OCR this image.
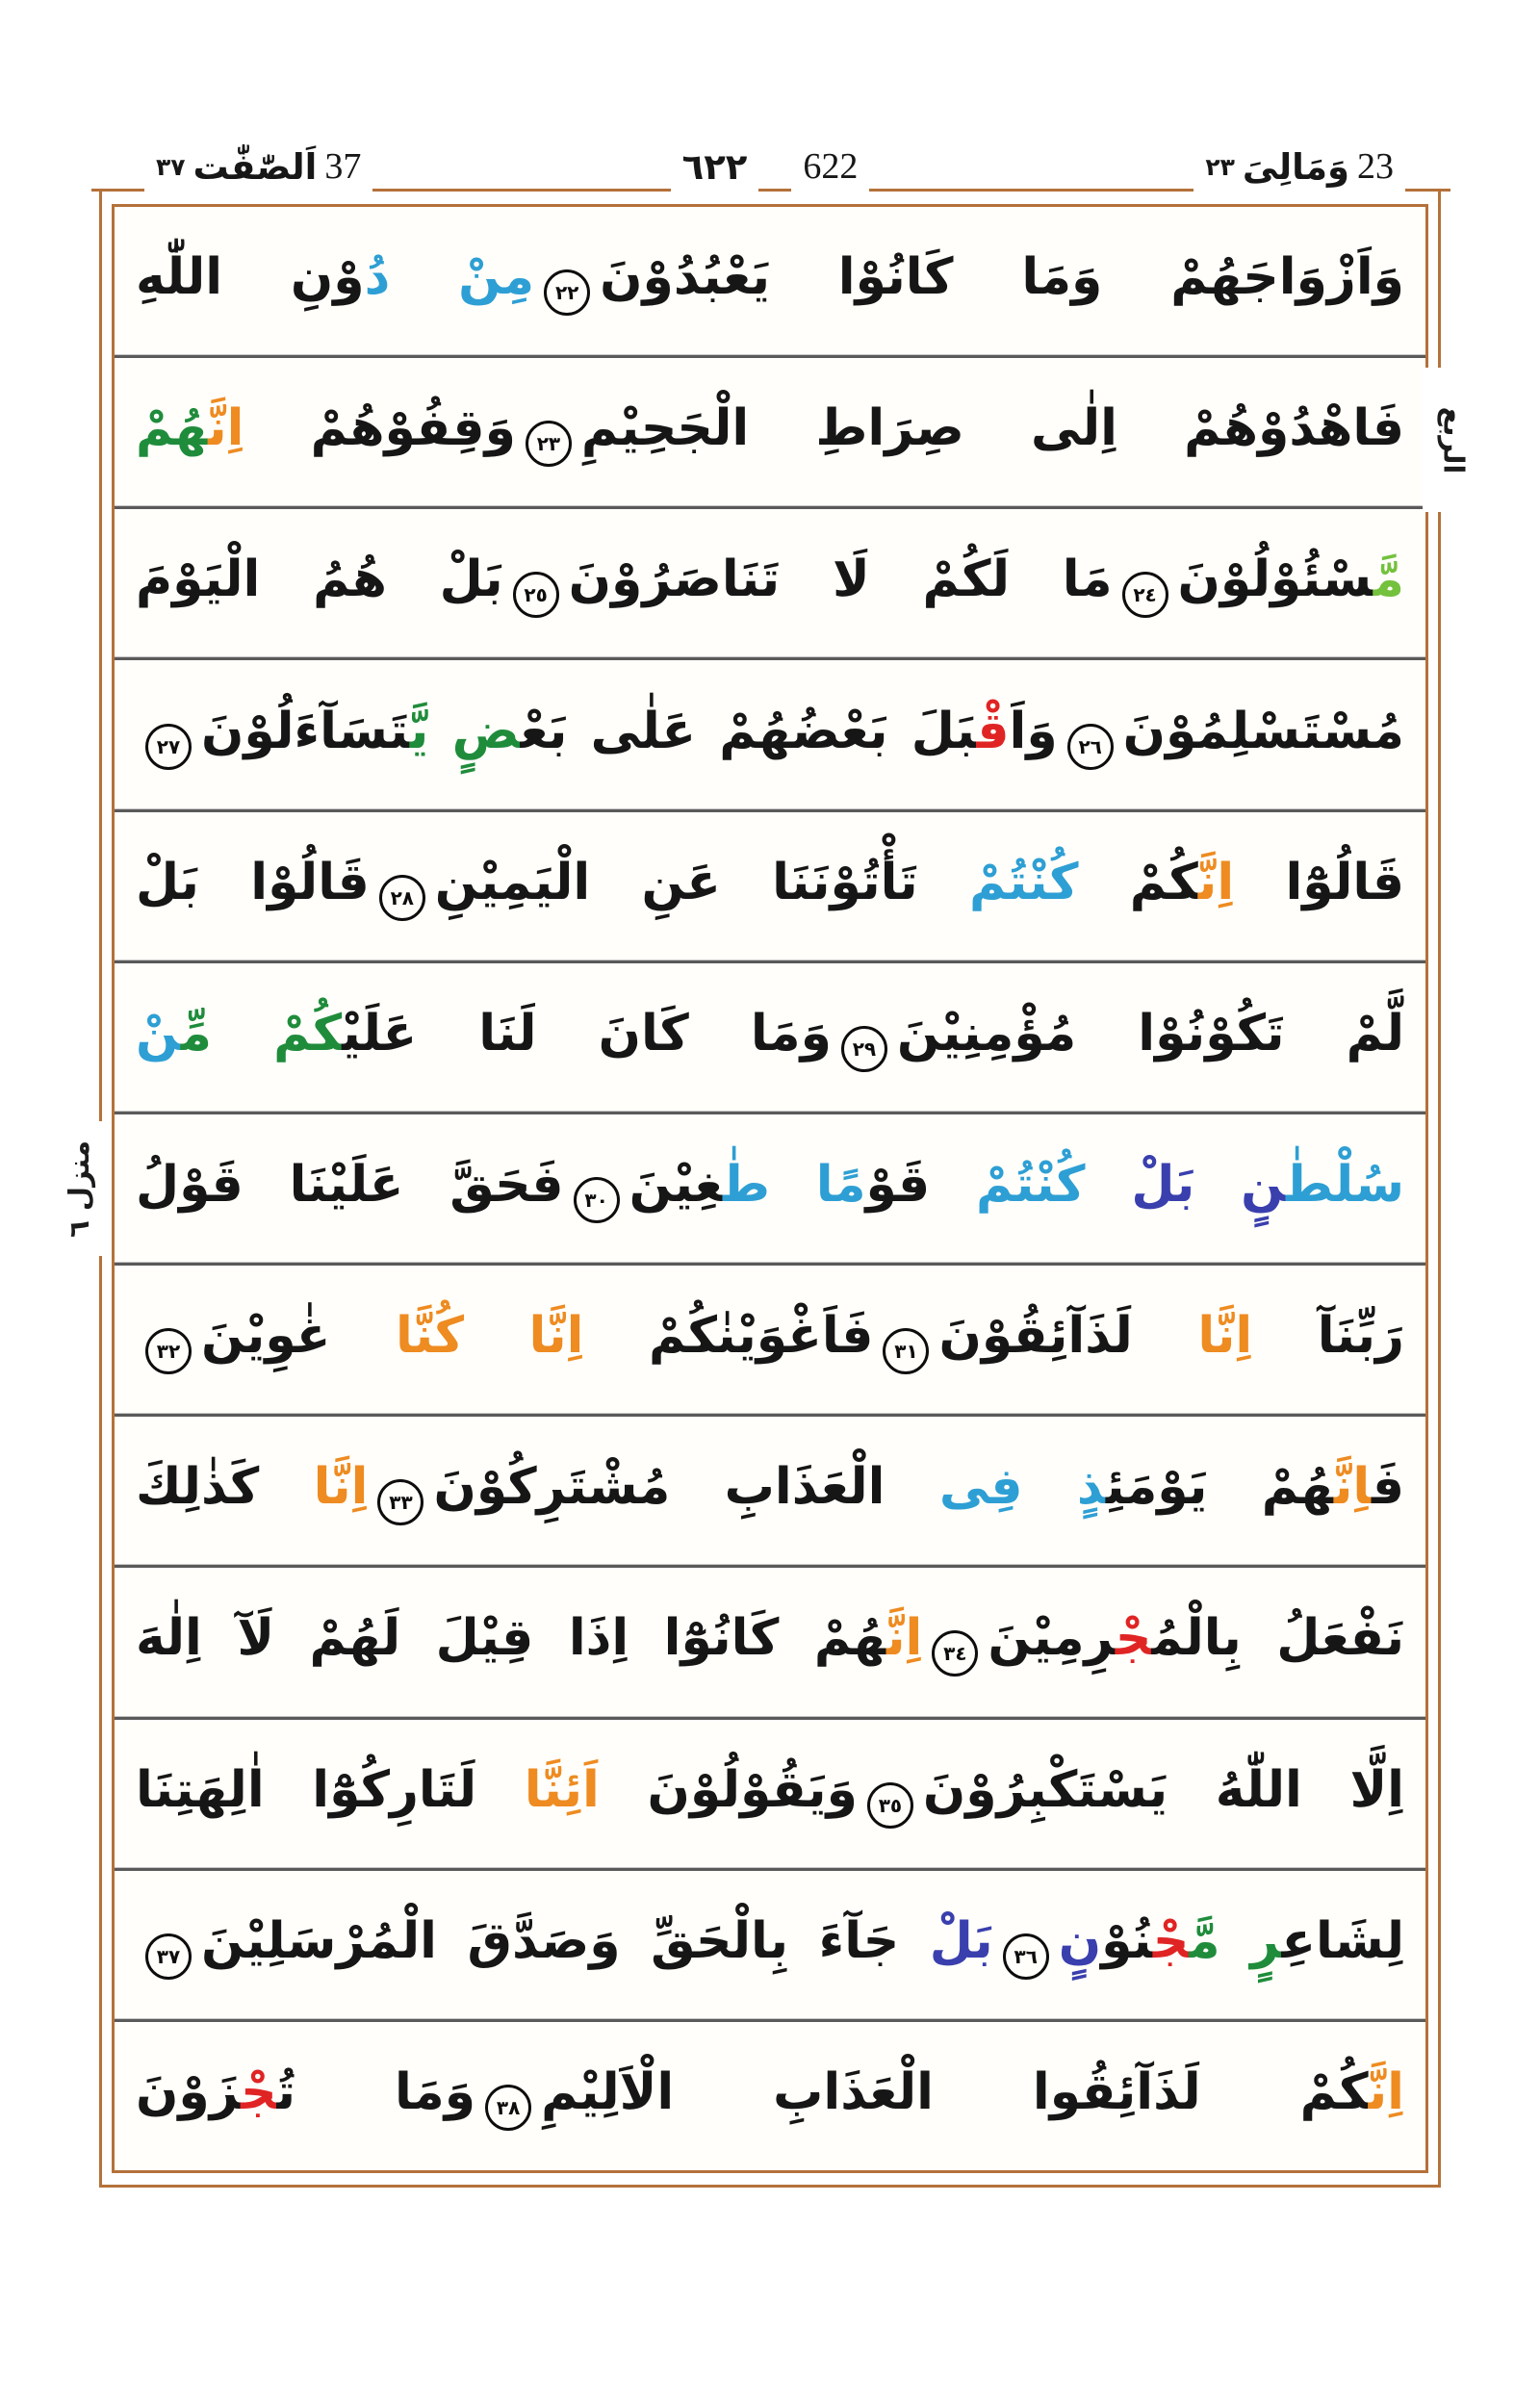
٣٧ اَلصّٰفّٰت 37	٦٢٢ 622	٢٣ وَمَالِىَ 23

وَاَزْوَاجَهُمْ وَمَا كَانُوْا يَعْبُدُوْنَ٢٢مِنْ دُوْنِ اللّٰهِ

فَاهْدُوْهُمْ اِلٰى صِرَاطِ الْجَحِيْمِ٢٣وَقِفُوْهُمْ اِنَّ‍‍هُمْ

مَّ‍‍سْئُوْلُوْنَ٢٤مَا لَكُمْ لَا تَنَاصَرُوْنَ٢٥بَلْ هُمُ الْيَوْمَ

مُسْتَسْلِمُوْنَ٢٦وَاَقْ‍‍بَلَ بَعْضُهُمْ عَلٰى بَعْ‍‍ضٍ يَّ‍‍تَسَآءَلُوْنَ٢٧

قَالُوْٓا اِنَّ‍‍كُمْ كُنْتُمْ تَأْتُوْنَنَا عَنِ الْيَمِيْنِ٢٨قَالُوْا بَلْ

لَّمْ تَكُوْنُوْا مُؤْمِنِيْنَ٢٩وَمَا كَانَ لَنَا عَلَيْ‍‍كُمْ مِّ‍‍نْ

سُلْطٰ‍‍نٍ بَلْ كُنْتُمْ قَوْمًا طٰ‍‍غِيْنَ٣٠فَحَقَّ عَلَيْنَا قَوْلُ

رَبِّنَآ اِنَّا لَذَآئِقُوْنَ٣١فَاَغْوَيْنٰكُمْ اِنَّا كُنَّا غٰوِيْنَ٣٢

فَ‍‍اِنَّ‍‍هُمْ يَوْمَئِ‍‍ذٍ فِى الْعَذَابِ مُشْتَرِكُوْنَ٣٣اِنَّا كَذٰلِكَ

نَفْعَلُ بِالْمُ‍‍جْ‍‍رِمِيْنَ٣٤اِنَّ‍‍هُمْ كَانُوْٓا اِذَا قِيْلَ لَهُمْ لَآ اِلٰهَ

اِلَّا اللّٰهُ يَسْتَكْبِرُوْنَ٣٥وَيَقُوْلُوْنَ اَئِنَّا لَتَارِكُوْٓا اٰلِهَتِنَا

لِشَاعِ‍‍رٍ مَّ‍‍جْ‍‍نُوْنٍ٣٦بَلْ جَآءَ بِالْحَقِّ وَصَدَّقَ الْمُرْسَلِيْنَ٣٧

اِنَّ‍‍كُمْ لَذَآئِقُوا الْعَذَابِ الْاَلِيْمِ٣٨وَمَا تُ‍‍جْ‍‍زَوْنَ

الربع
منزل ٦
